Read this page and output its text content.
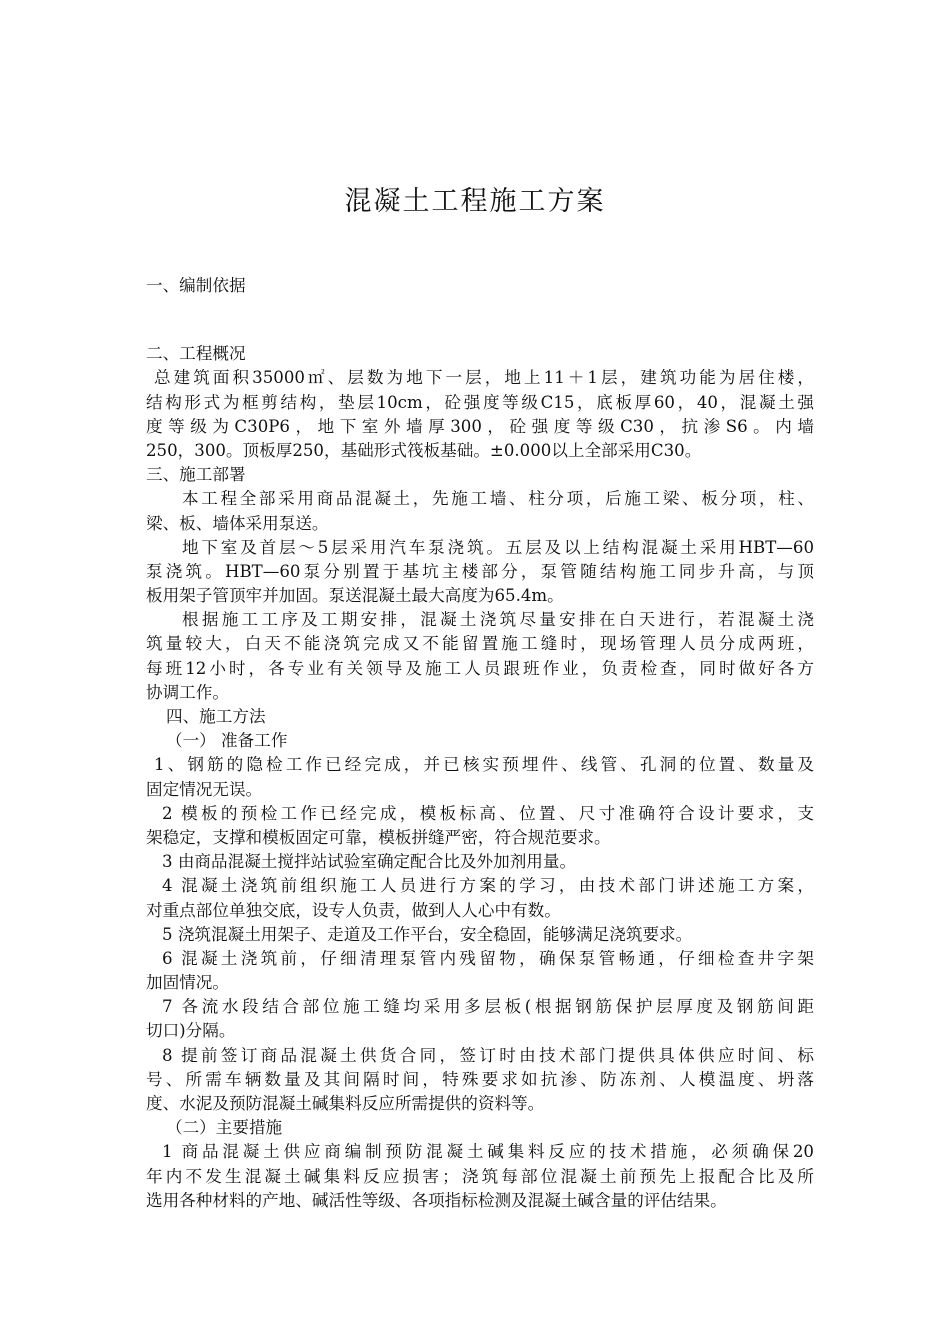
混凝土工程施工方案
一、编制依据
二、工程概况
总建筑面积35000㎡、层数为地下一层，地上11＋1层，建筑功能为居住楼，
结构形式为框剪结构，垫层10cm，砼强度等级C15，底板厚60，40，混凝土强
度等级为C30P6，地下室外墙厚300，砼强度等级C30，抗渗S6。内墙
250，300。顶板厚250，基础形式筏板基础。±0.000以上全部采用C30。
三、施工部署
本工程全部采用商品混凝土，先施工墙、柱分项，后施工梁、板分项，柱、
梁、板、墙体采用泵送。
地下室及首层～5层采用汽车泵浇筑。五层及以上结构混凝土采用HBT—60
泵浇筑。HBT—60泵分别置于基坑主楼部分，泵管随结构施工同步升高，与顶
板用架子管顶牢并加固。泵送混凝土最大高度为65.4m。
根据施工工序及工期安排，混凝土浇筑尽量安排在白天进行，若混凝土浇
筑量较大，白天不能浇筑完成又不能留置施工缝时，现场管理人员分成两班，
每班12小时，各专业有关领导及施工人员跟班作业，负责检查，同时做好各方
协调工作。
四、施工方法
（一） 准备工作
1、钢筋的隐检工作已经完成，并已核实预埋件、线管、孔洞的位置、数量及
固定情况无误。
2 模板的预检工作已经完成，模板标高、位置、尺寸准确符合设计要求，支
架稳定，支撑和模板固定可靠，模板拼缝严密，符合规范要求。
3 由商品混凝土搅拌站试验室确定配合比及外加剂用量。
4 混凝土浇筑前组织施工人员进行方案的学习，由技术部门讲述施工方案，
对重点部位单独交底，设专人负责，做到人人心中有数。
5 浇筑混凝土用架子、走道及工作平台，安全稳固，能够满足浇筑要求。
6 混凝土浇筑前，仔细清理泵管内残留物，确保泵管畅通，仔细检查井字架
加固情况。
7 各流水段结合部位施工缝均采用多层板(根据钢筋保护层厚度及钢筋间距
切口)分隔。
8 提前签订商品混凝土供货合同，签订时由技术部门提供具体供应时间、标
号、所需车辆数量及其间隔时间，特殊要求如抗渗、防冻剂、人模温度、坍落
度、水泥及预防混凝土碱集料反应所需提供的资料等。
（二）主要措施
1 商品混凝土供应商编制预防混凝土碱集料反应的技术措施，必须确保20
年内不发生混凝土碱集料反应损害；浇筑每部位混凝土前预先上报配合比及所
选用各种材料的产地、碱活性等级、各项指标检测及混凝土碱含量的评估结果。
